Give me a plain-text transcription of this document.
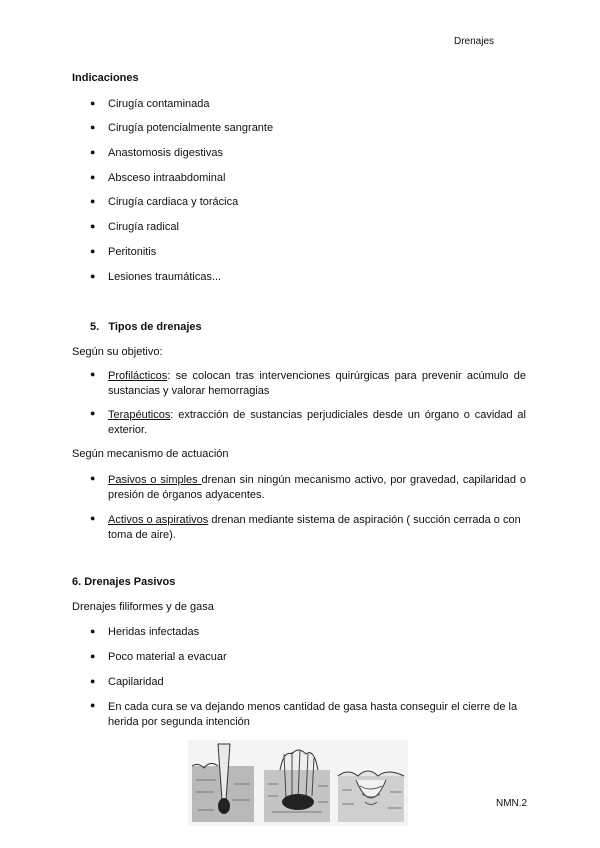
Drenajes
Indicaciones
● Cirugía contaminada
● Cirugía potencialmente sangrante
● Anastomosis digestivas
● Absceso intraabdominal
● Cirugía cardiaca y torácica
● Cirugía radical
● Peritonitis
● Lesiones traumáticas...
5.   Tipos de drenajes
Según su objetivo:
● Profilácticos: se colocan tras intervenciones quirúrgicas para prevenir acúmulo de sustancias y valorar hemorragias
● Terapéuticos: extracción de sustancias perjudiciales desde un órgano o cavidad al exterior.
Según mecanismo de actuación
● Pasivos o simples drenan sin ningún mecanismo activo, por gravedad, capilaridad o presión de órganos adyacentes.
● Activos o aspirativos drenan mediante sistema de aspiración ( succión cerrada o con toma de aire).
6. Drenajes Pasivos
Drenajes filiformes y de gasa
● Heridas infectadas
● Poco material a evacuar
● Capilaridad
● En cada cura se va dejando menos cantidad de gasa hasta conseguir el cierre de la herida por segunda intención
NMN.2
